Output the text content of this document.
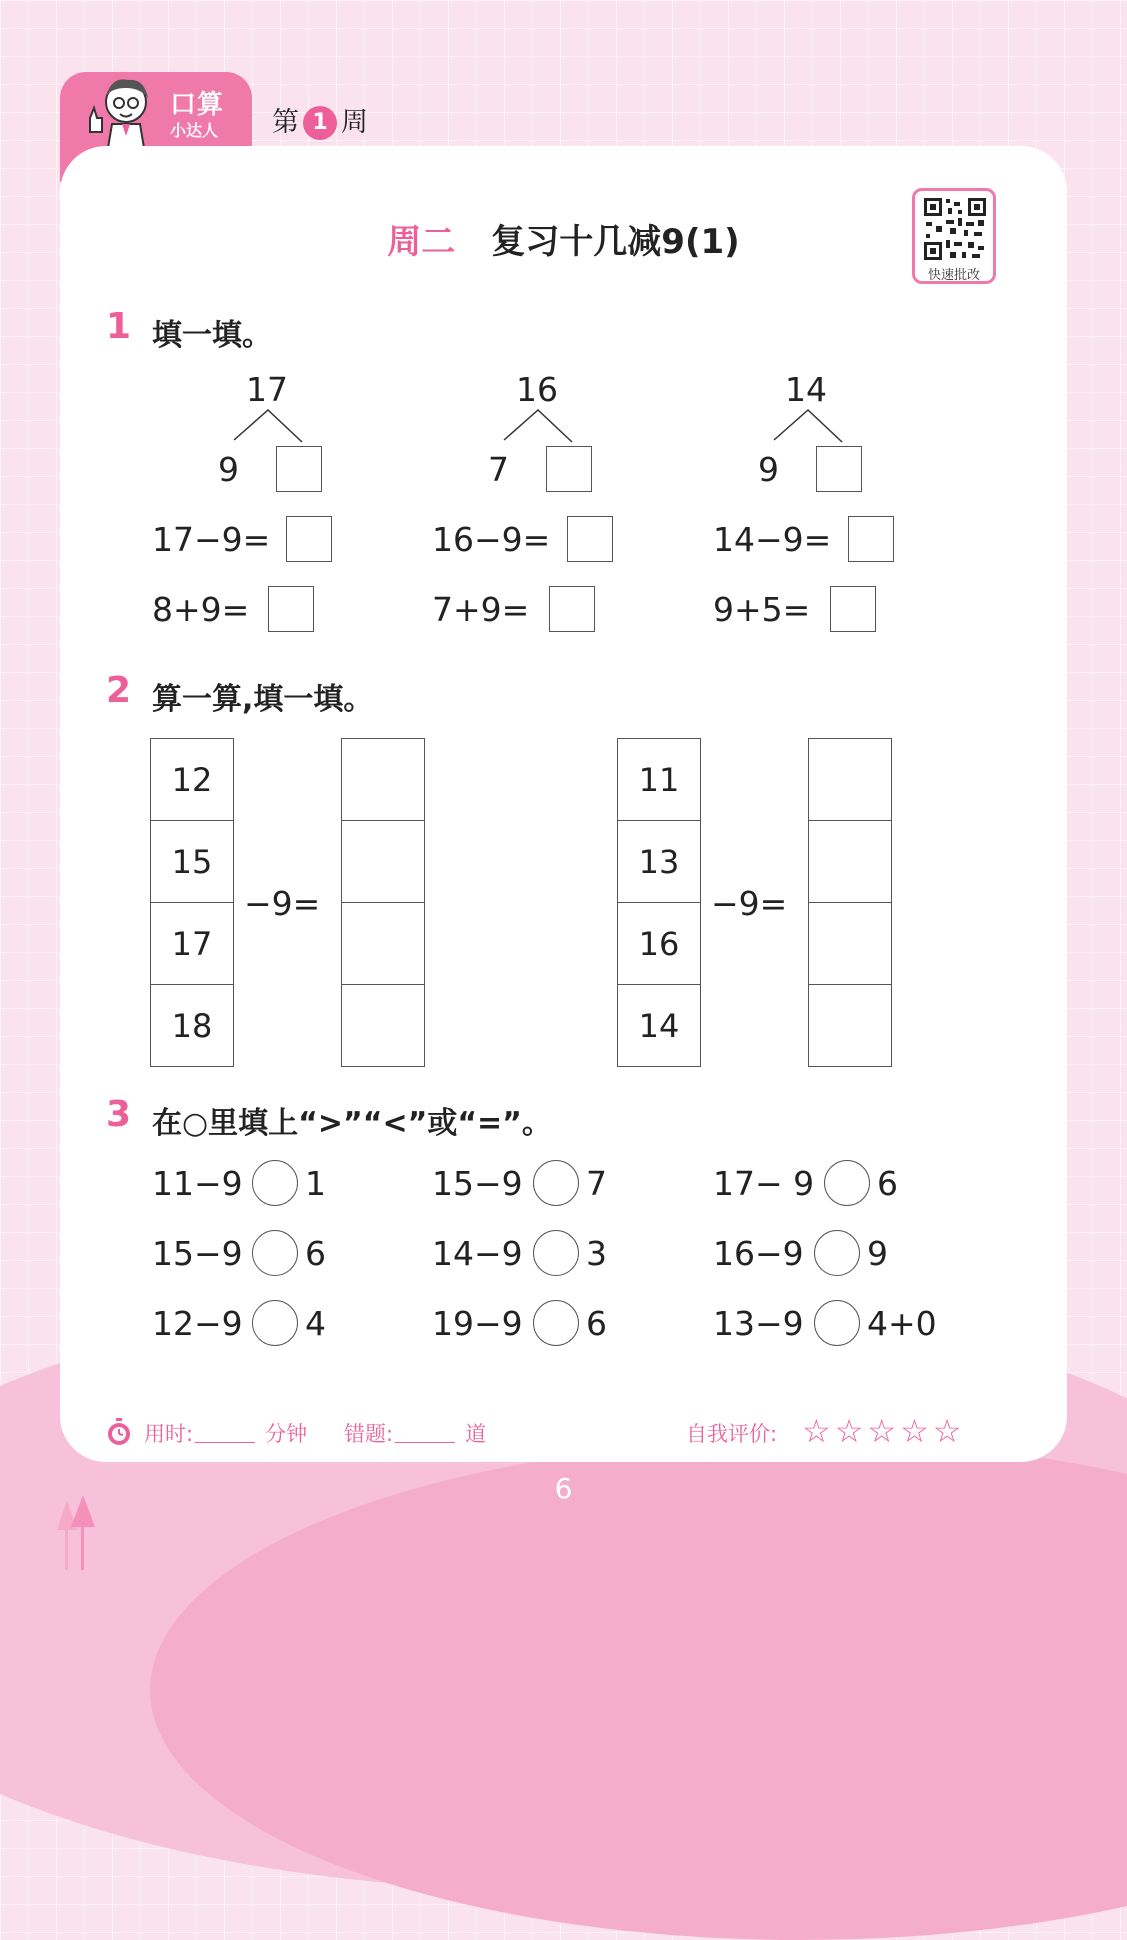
6
口算
小达人 第 1 周
周二 复习十几减9(1)
快速批改
1 填一填。
17
9
17−9=
8+9=
16
7
16−9=
7+9=
14
9
14−9=
9+5=
2 算一算,填一填。
12
15
17
18
−9=
11
13
16
14
−9=
3 在○里填上“>”“<”或“=”。
11−9 1	15−9 7	17− 9 6
15−9 6	14−9 3	16−9 9
12−9 4	19−9 6	13−9 4+0
用时:	分钟 错题:	道	自我评价: ☆☆☆☆☆
